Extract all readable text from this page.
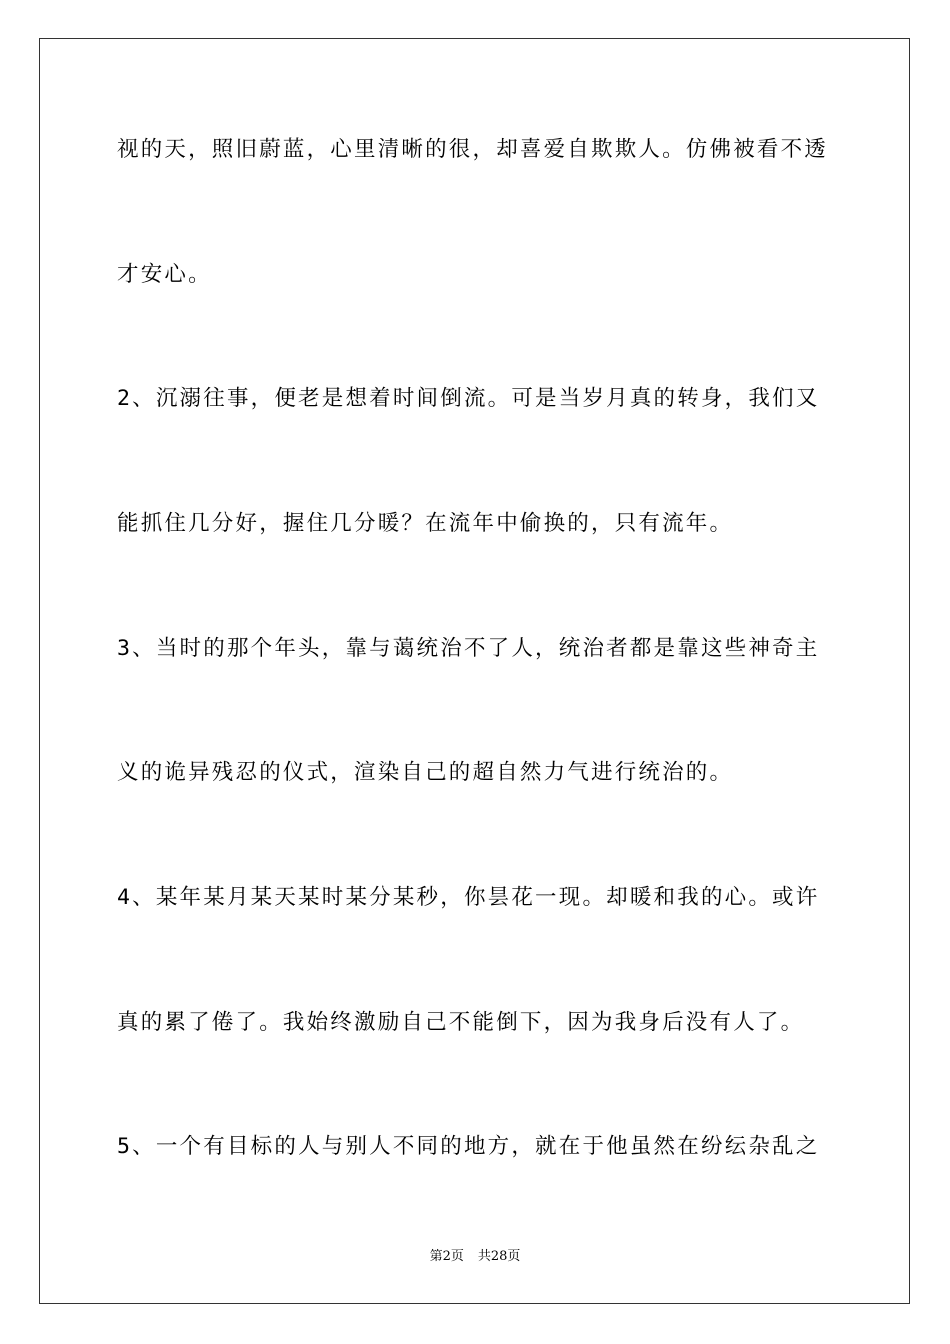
视的天，照旧蔚蓝，心里清晰的很，却喜爱自欺欺人。仿佛被看不透
才安心。
2、沉溺往事，便老是想着时间倒流。可是当岁月真的转身，我们又
能抓住几分好，握住几分暖？在流年中偷换的，只有流年。
3、当时的那个年头，靠与蔼统治不了人，统治者都是靠这些神奇主
义的诡异残忍的仪式，渲染自己的超自然力气进行统治的。
4、某年某月某天某时某分某秒，你昙花一现。却暖和我的心。或许
真的累了倦了。我始终激励自己不能倒下，因为我身后没有人了。
5、一个有目标的人与别人不同的地方，就在于他虽然在纷纭杂乱之
第2页 共28页
